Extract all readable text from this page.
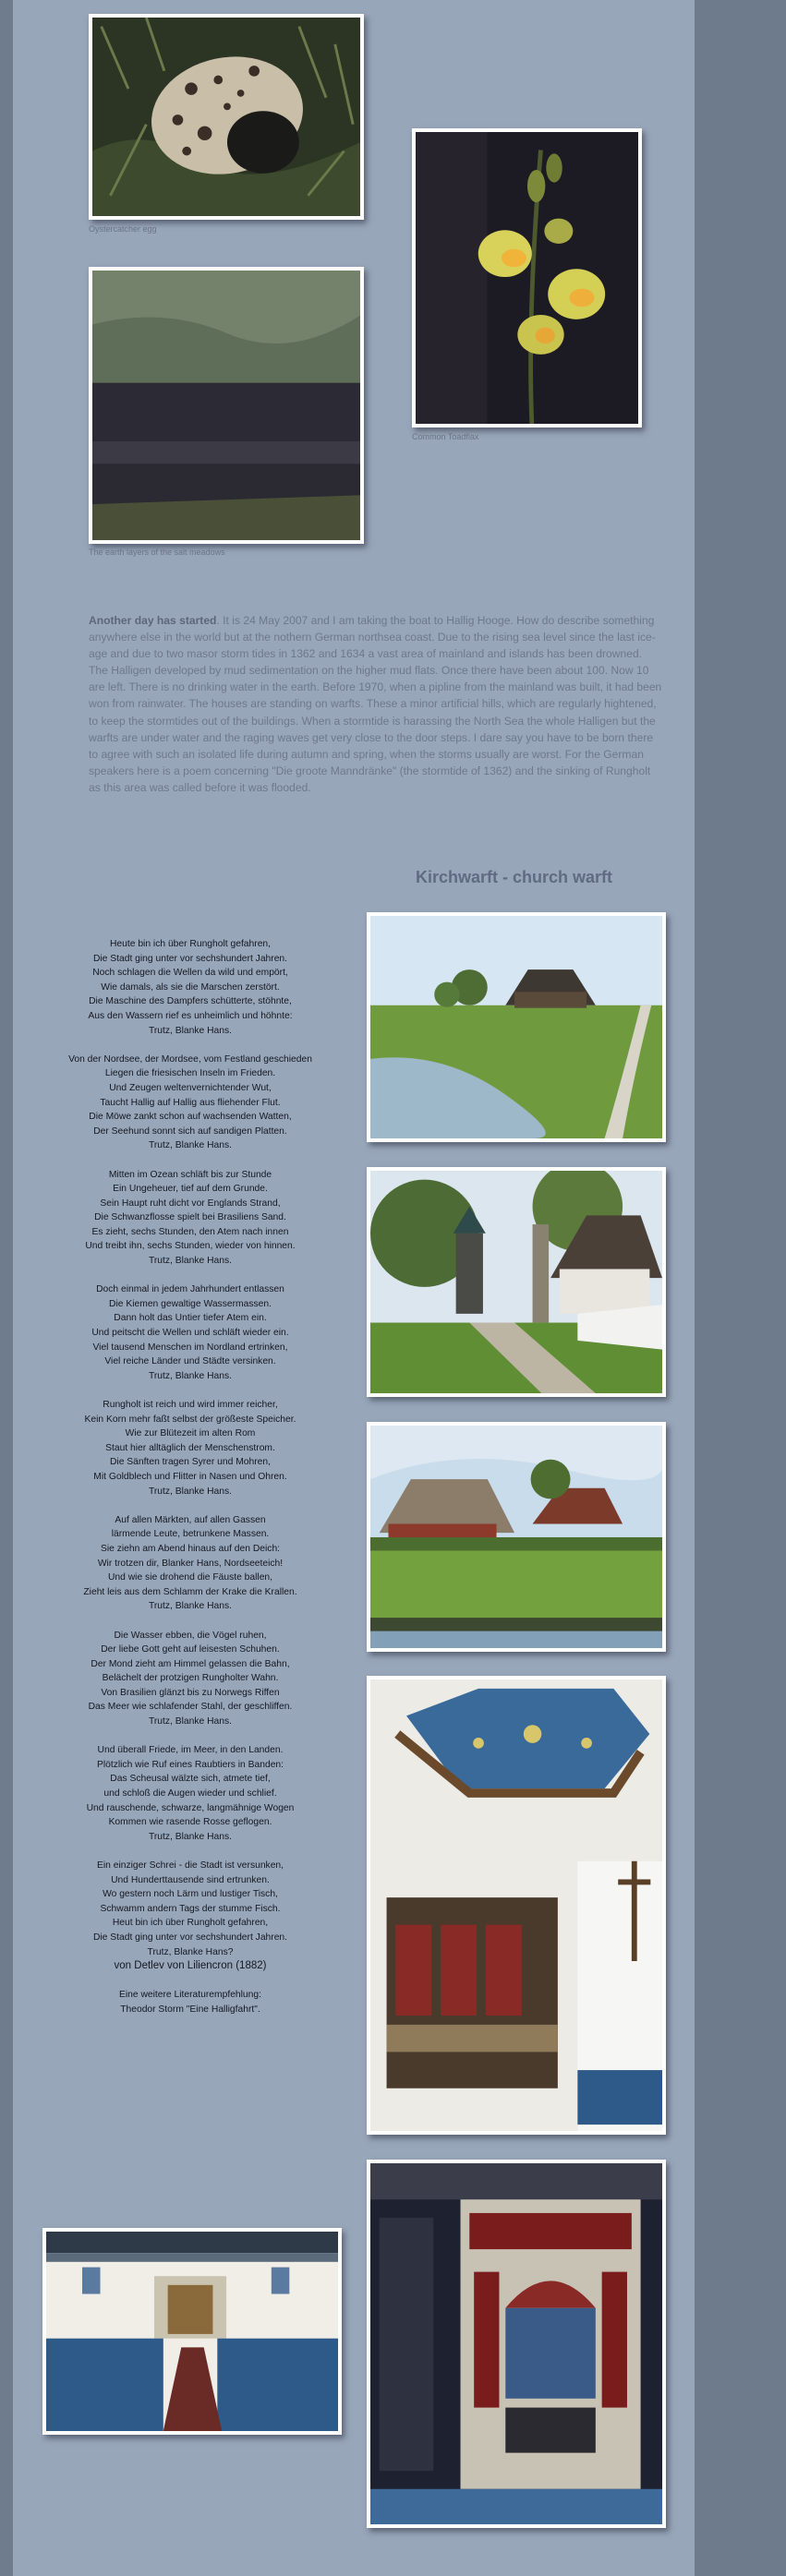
Oystercatcher egg
Common Toadflax
The earth layers of the salt meadows
Another day has started. It is 24 May 2007 and I am taking the boat to Hallig Hooge. How do describe something anywhere else in the world but at the nothern German northsea coast. Due to the rising sea level since the last ice-age and due to two masor storm tides in 1362 and 1634 a vast area of mainland and islands has been drowned. The Halligen developed by mud sedimentation on the higher mud flats. Once there have been about 100. Now 10 are left. There is no drinking water in the earth. Before 1970, when a pipline from the mainland was built, it had been won from rainwater. The houses are standing on warfts. These a minor artificial hills, which are regularly hightened, to keep the stormtides out of the buildings. When a stormtide is harassing the North Sea the whole Halligen but the warfts are under water and the raging waves get very close to the door steps. I dare say you have to be born there to agree with such an isolated life during autumn and spring, when the storms usually are worst. For the German speakers here is a poem concerning "Die groote Manndränke" (the stormtide of 1362) and the sinking of Rungholt as this area was called before it was flooded.
Kirchwarft - church warft
Heute bin ich über Rungholt gefahren,
Die Stadt ging unter vor sechshundert Jahren.
Noch schlagen die Wellen da wild und empört,
Wie damals, als sie die Marschen zerstört.
Die Maschine des Dampfers schütterte, stöhnte,
Aus den Wassern rief es unheimlich und höhnte:
Trutz, Blanke Hans.
Von der Nordsee, der Mordsee, vom Festland geschieden
Liegen die friesischen Inseln im Frieden.
Und Zeugen weltenvernichtender Wut,
Taucht Hallig auf Hallig aus fliehender Flut.
Die Möwe zankt schon auf wachsenden Watten,
Der Seehund sonnt sich auf sandigen Platten.
Trutz, Blanke Hans.
Mitten im Ozean schläft bis zur Stunde
Ein Ungeheuer, tief auf dem Grunde.
Sein Haupt ruht dicht vor Englands Strand,
Die Schwanzflosse spielt bei Brasiliens Sand.
Es zieht, sechs Stunden, den Atem nach innen
Und treibt ihn, sechs Stunden, wieder von hinnen.
Trutz, Blanke Hans.
Doch einmal in jedem Jahrhundert entlassen
Die Kiemen gewaltige Wassermassen.
Dann holt das Untier tiefer Atem ein.
Und peitscht die Wellen und schläft wieder ein.
Viel tausend Menschen im Nordland ertrinken,
Viel reiche Länder und Städte versinken.
Trutz, Blanke Hans.
Rungholt ist reich und wird immer reicher,
Kein Korn mehr faßt selbst der größeste Speicher.
Wie zur Blütezeit im alten Rom
Staut hier alltäglich der Menschenstrom.
Die Sänften tragen Syrer und Mohren,
Mit Goldblech und Flitter in Nasen und Ohren.
Trutz, Blanke Hans.
Auf allen Märkten, auf allen Gassen
lärmende Leute, betrunkene Massen.
Sie ziehn am Abend hinaus auf den Deich:
Wir trotzen dir, Blanker Hans, Nordseeteich!
Und wie sie drohend die Fäuste ballen,
Zieht leis aus dem Schlamm der Krake die Krallen.
Trutz, Blanke Hans.
Die Wasser ebben, die Vögel ruhen,
Der liebe Gott geht auf leisesten Schuhen.
Der Mond zieht am Himmel gelassen die Bahn,
Belächelt der protzigen Rungholter Wahn.
Von Brasilien glänzt bis zu Norwegs Riffen
Das Meer wie schlafender Stahl, der geschliffen.
Trutz, Blanke Hans.
Und überall Friede, im Meer, in den Landen.
Plötzlich wie Ruf eines Raubtiers in Banden:
Das Scheusal wälzte sich, atmete tief,
und schloß die Augen wieder und schlief.
Und rauschende, schwarze, langmähnige Wogen
Kommen wie rasende Rosse geflogen.
Trutz, Blanke Hans.
Ein einziger Schrei - die Stadt ist versunken,
Und Hunderttausende sind ertrunken.
Wo gestern noch Lärm und lustiger Tisch,
Schwamm andern Tags der stumme Fisch.
Heut bin ich über Rungholt gefahren,
Die Stadt ging unter vor sechshundert Jahren.
Trutz, Blanke Hans?
von Detlev von Liliencron (1882)
Eine weitere Literaturempfehlung:
Theodor Storm "Eine Halligfahrt".
